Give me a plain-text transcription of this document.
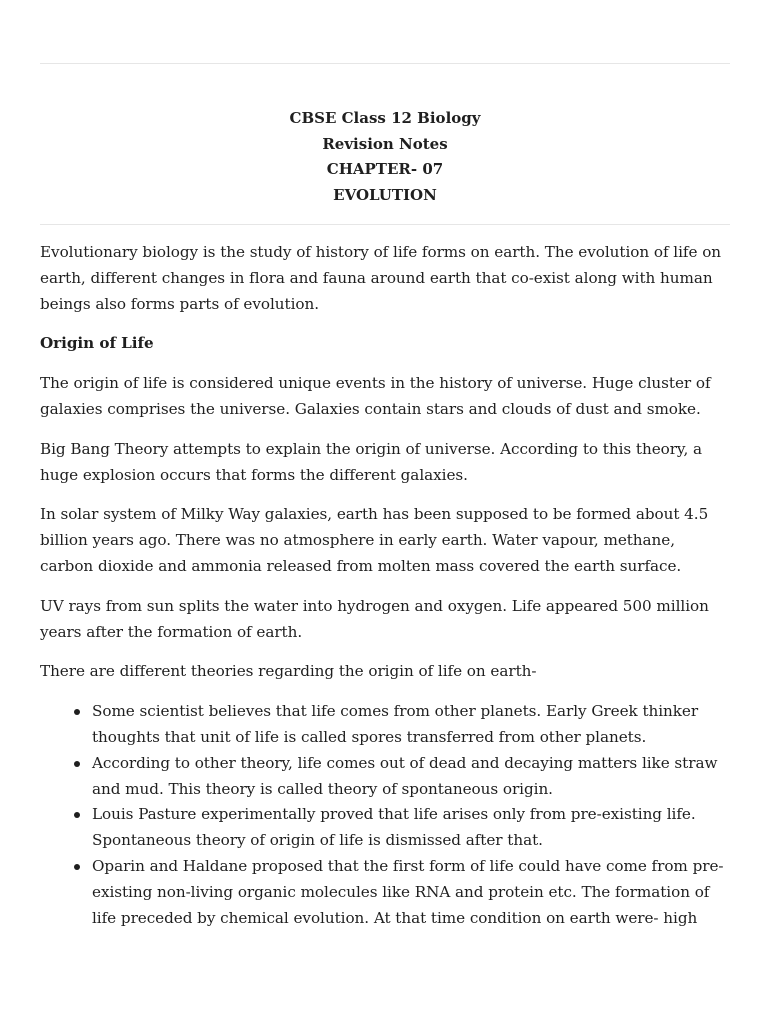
CBSE Class 12 Biology
Revision Notes
CHAPTER- 07
EVOLUTION

Evolutionary biology is the study of history of life forms on earth. The evolution of life on earth, different changes in flora and fauna around earth that co-exist along with human beings also forms parts of evolution.

Origin of Life

The origin of life is considered unique events in the history of universe. Huge cluster of galaxies comprises the universe. Galaxies contain stars and clouds of dust and smoke.

Big Bang Theory attempts to explain the origin of universe. According to this theory, a huge explosion occurs that forms the different galaxies.

In solar system of Milky Way galaxies, earth has been supposed to be formed about 4.5 billion years ago. There was no atmosphere in early earth. Water vapour, methane, carbon dioxide and ammonia released from molten mass covered the earth surface.

UV rays from sun splits the water into hydrogen and oxygen. Life appeared 500 million years after the formation of earth.

There are different theories regarding the origin of life on earth-

Some scientist believes that life comes from other planets. Early Greek thinker thoughts that unit of life is called spores transferred from other planets.
According to other theory, life comes out of dead and decaying matters like straw and mud. This theory is called theory of spontaneous origin.
Louis Pasture experimentally proved that life arises only from pre-existing life. Spontaneous theory of origin of life is dismissed after that.
Oparin and Haldane proposed that the first form of life could have come from pre-existing non-living organic molecules like RNA and protein etc. The formation of life preceded by chemical evolution. At that time condition on earth were- high
